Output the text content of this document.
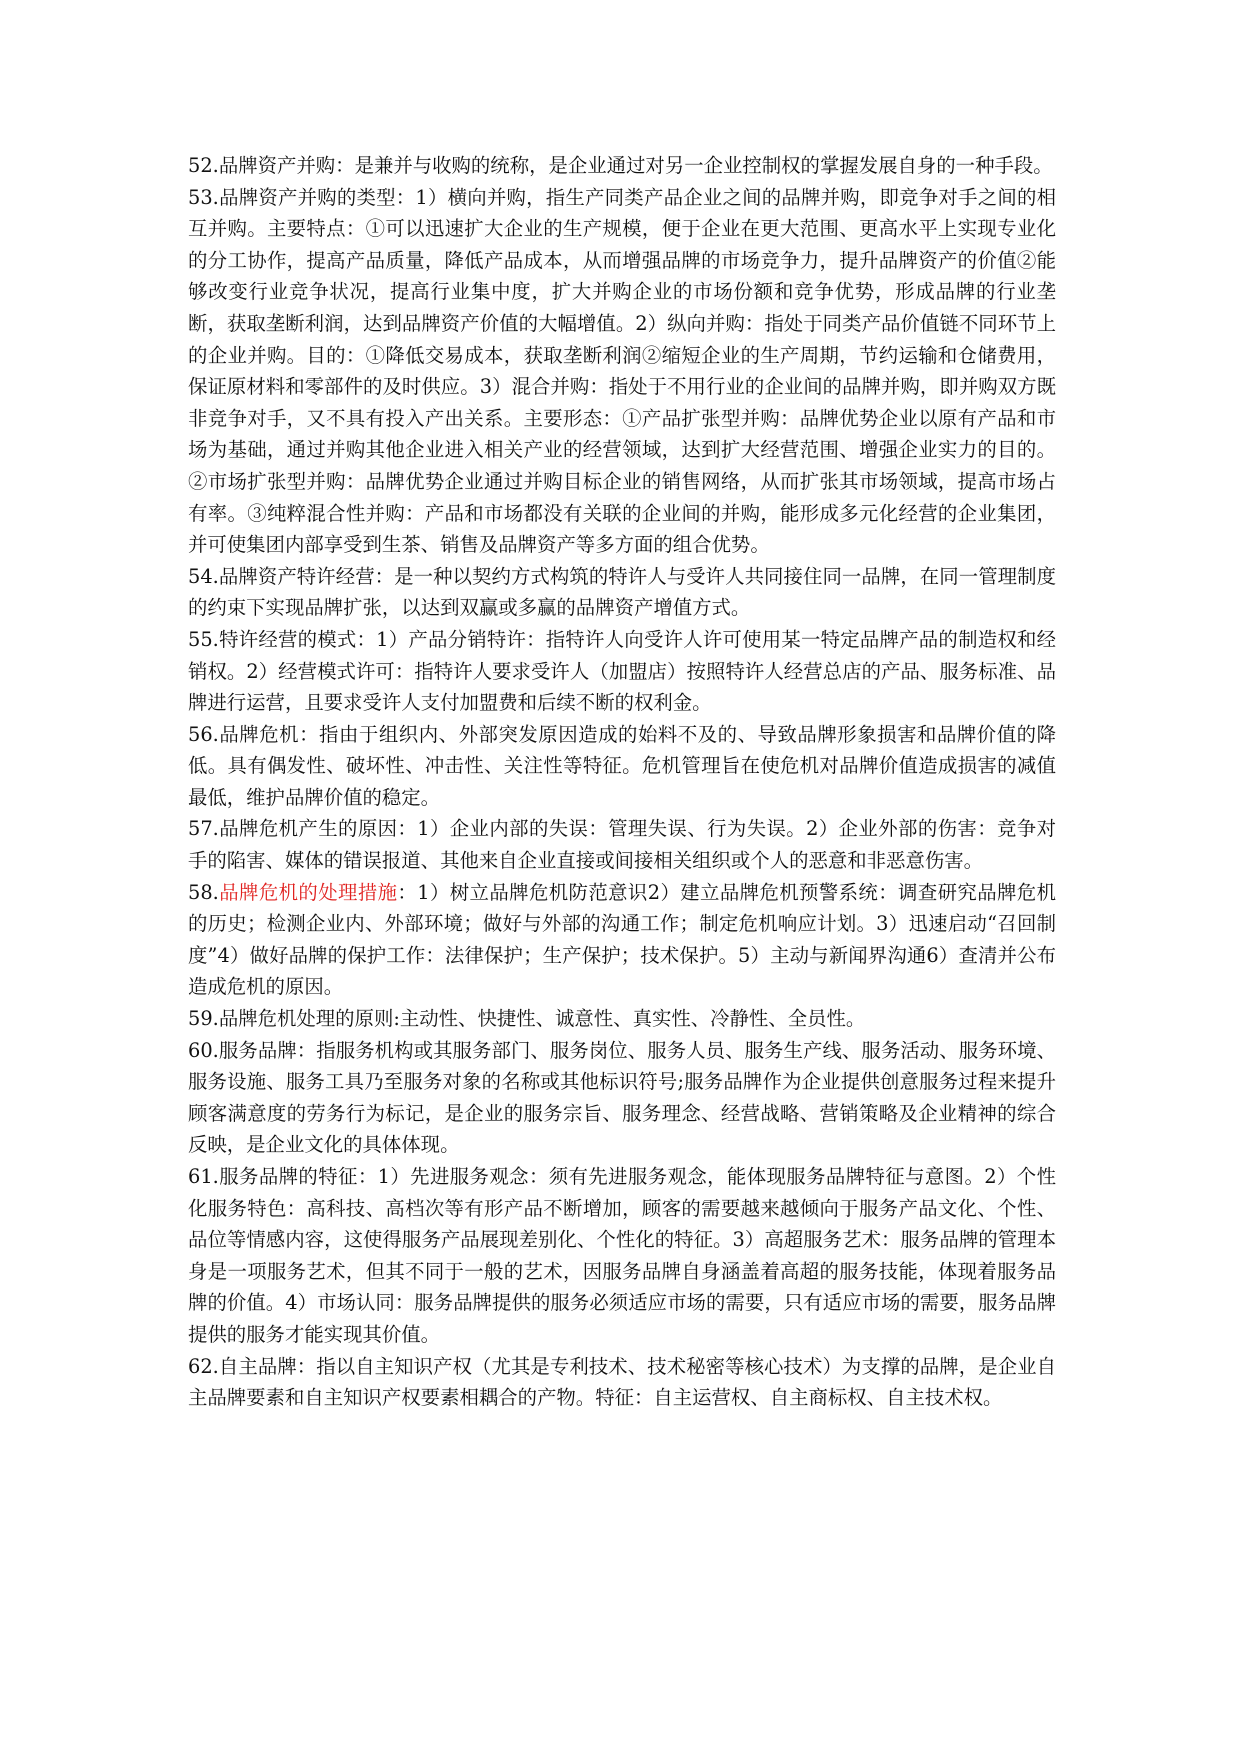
52.品牌资产并购：是兼并与收购的统称，是企业通过对另一企业控制权的掌握发展自身的一种手段。

53.品牌资产并购的类型：1）横向并购，指生产同类产品企业之间的品牌并购，即竞争对手之间的相互并购。主要特点：①可以迅速扩大企业的生产规模，便于企业在更大范围、更高水平上实现专业化的分工协作，提高产品质量，降低产品成本，从而增强品牌的市场竞争力，提升品牌资产的价值②能够改变行业竞争状况，提高行业集中度，扩大并购企业的市场份额和竞争优势，形成品牌的行业垄断，获取垄断利润，达到品牌资产价值的大幅增值。2）纵向并购：指处于同类产品价值链不同环节上的企业并购。目的：①降低交易成本，获取垄断利润②缩短企业的生产周期，节约运输和仓储费用，保证原材料和零部件的及时供应。3）混合并购：指处于不用行业的企业间的品牌并购，即并购双方既非竞争对手，又不具有投入产出关系。主要形态：①产品扩张型并购：品牌优势企业以原有产品和市场为基础，通过并购其他企业进入相关产业的经营领域，达到扩大经营范围、增强企业实力的目的。②市场扩张型并购：品牌优势企业通过并购目标企业的销售网络，从而扩张其市场领域，提高市场占有率。③纯粹混合性并购：产品和市场都没有关联的企业间的并购，能形成多元化经营的企业集团，并可使集团内部享受到生茶、销售及品牌资产等多方面的组合优势。

54.品牌资产特许经营：是一种以契约方式构筑的特许人与受许人共同接住同一品牌，在同一管理制度的约束下实现品牌扩张，以达到双赢或多赢的品牌资产增值方式。

55.特许经营的模式：1）产品分销特许：指特许人向受许人许可使用某一特定品牌产品的制造权和经销权。2）经营模式许可：指特许人要求受许人（加盟店）按照特许人经营总店的产品、服务标准、品牌进行运营，且要求受许人支付加盟费和后续不断的权利金。

56.品牌危机：指由于组织内、外部突发原因造成的始料不及的、导致品牌形象损害和品牌价值的降低。具有偶发性、破坏性、冲击性、关注性等特征。危机管理旨在使危机对品牌价值造成损害的减值最低，维护品牌价值的稳定。

57.品牌危机产生的原因：1）企业内部的失误：管理失误、行为失误。2）企业外部的伤害：竞争对手的陷害、媒体的错误报道、其他来自企业直接或间接相关组织或个人的恶意和非恶意伤害。

58.品牌危机的处理措施：1）树立品牌危机防范意识2）建立品牌危机预警系统：调查研究品牌危机的历史；检测企业内、外部环境；做好与外部的沟通工作；制定危机响应计划。3）迅速启动“召回制度”4）做好品牌的保护工作：法律保护；生产保护；技术保护。5）主动与新闻界沟通6）查清并公布造成危机的原因。

59.品牌危机处理的原则:主动性、快捷性、诚意性、真实性、冷静性、全员性。

60.服务品牌：指服务机构或其服务部门、服务岗位、服务人员、服务生产线、服务活动、服务环境、服务设施、服务工具乃至服务对象的名称或其他标识符号;服务品牌作为企业提供创意服务过程来提升顾客满意度的劳务行为标记，是企业的服务宗旨、服务理念、经营战略、营销策略及企业精神的综合反映，是企业文化的具体体现。

61.服务品牌的特征：1）先进服务观念：须有先进服务观念，能体现服务品牌特征与意图。2）个性化服务特色：高科技、高档次等有形产品不断增加，顾客的需要越来越倾向于服务产品文化、个性、品位等情感内容，这使得服务产品展现差别化、个性化的特征。3）高超服务艺术：服务品牌的管理本身是一项服务艺术，但其不同于一般的艺术，因服务品牌自身涵盖着高超的服务技能，体现着服务品牌的价值。4）市场认同：服务品牌提供的服务必须适应市场的需要，只有适应市场的需要，服务品牌提供的服务才能实现其价值。

62.自主品牌：指以自主知识产权（尤其是专利技术、技术秘密等核心技术）为支撑的品牌，是企业自主品牌要素和自主知识产权要素相耦合的产物。特征：自主运营权、自主商标权、自主技术权。
